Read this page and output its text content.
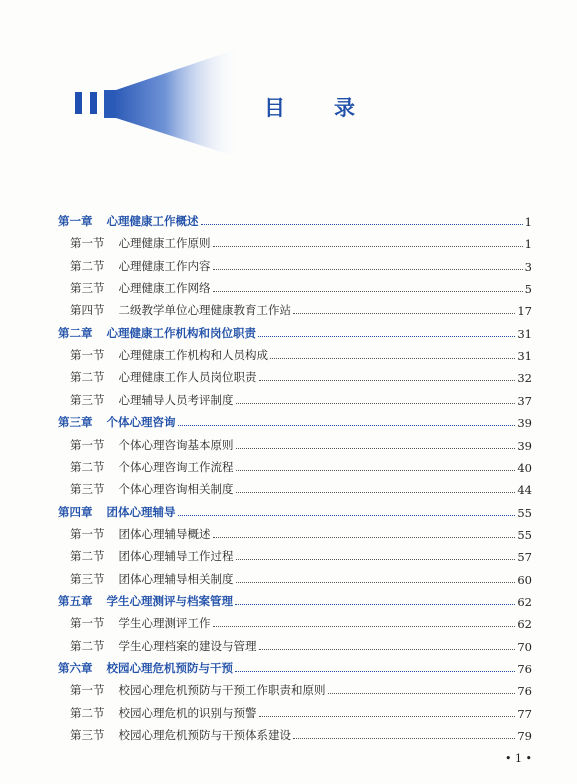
目　录
第一章 心理健康工作概述	1
第一节 心理健康工作原则	1
第二节 心理健康工作内容	3
第三节 心理健康工作网络	5
第四节 二级教学单位心理健康教育工作站	17
第二章 心理健康工作机构和岗位职责	31
第一节 心理健康工作机构和人员构成	31
第二节 心理健康工作人员岗位职责	32
第三节 心理辅导人员考评制度	37
第三章 个体心理咨询	39
第一节 个体心理咨询基本原则	39
第二节 个体心理咨询工作流程	40
第三节 个体心理咨询相关制度	44
第四章 团体心理辅导	55
第一节 团体心理辅导概述	55
第二节 团体心理辅导工作过程	57
第三节 团体心理辅导相关制度	60
第五章 学生心理测评与档案管理	62
第一节 学生心理测评工作	62
第二节 学生心理档案的建设与管理	70
第六章 校园心理危机预防与干预	76
第一节 校园心理危机预防与干预工作职责和原则	76
第二节 校园心理危机的识别与预警	77
第三节 校园心理危机预防与干预体系建设	79
• 1 •
